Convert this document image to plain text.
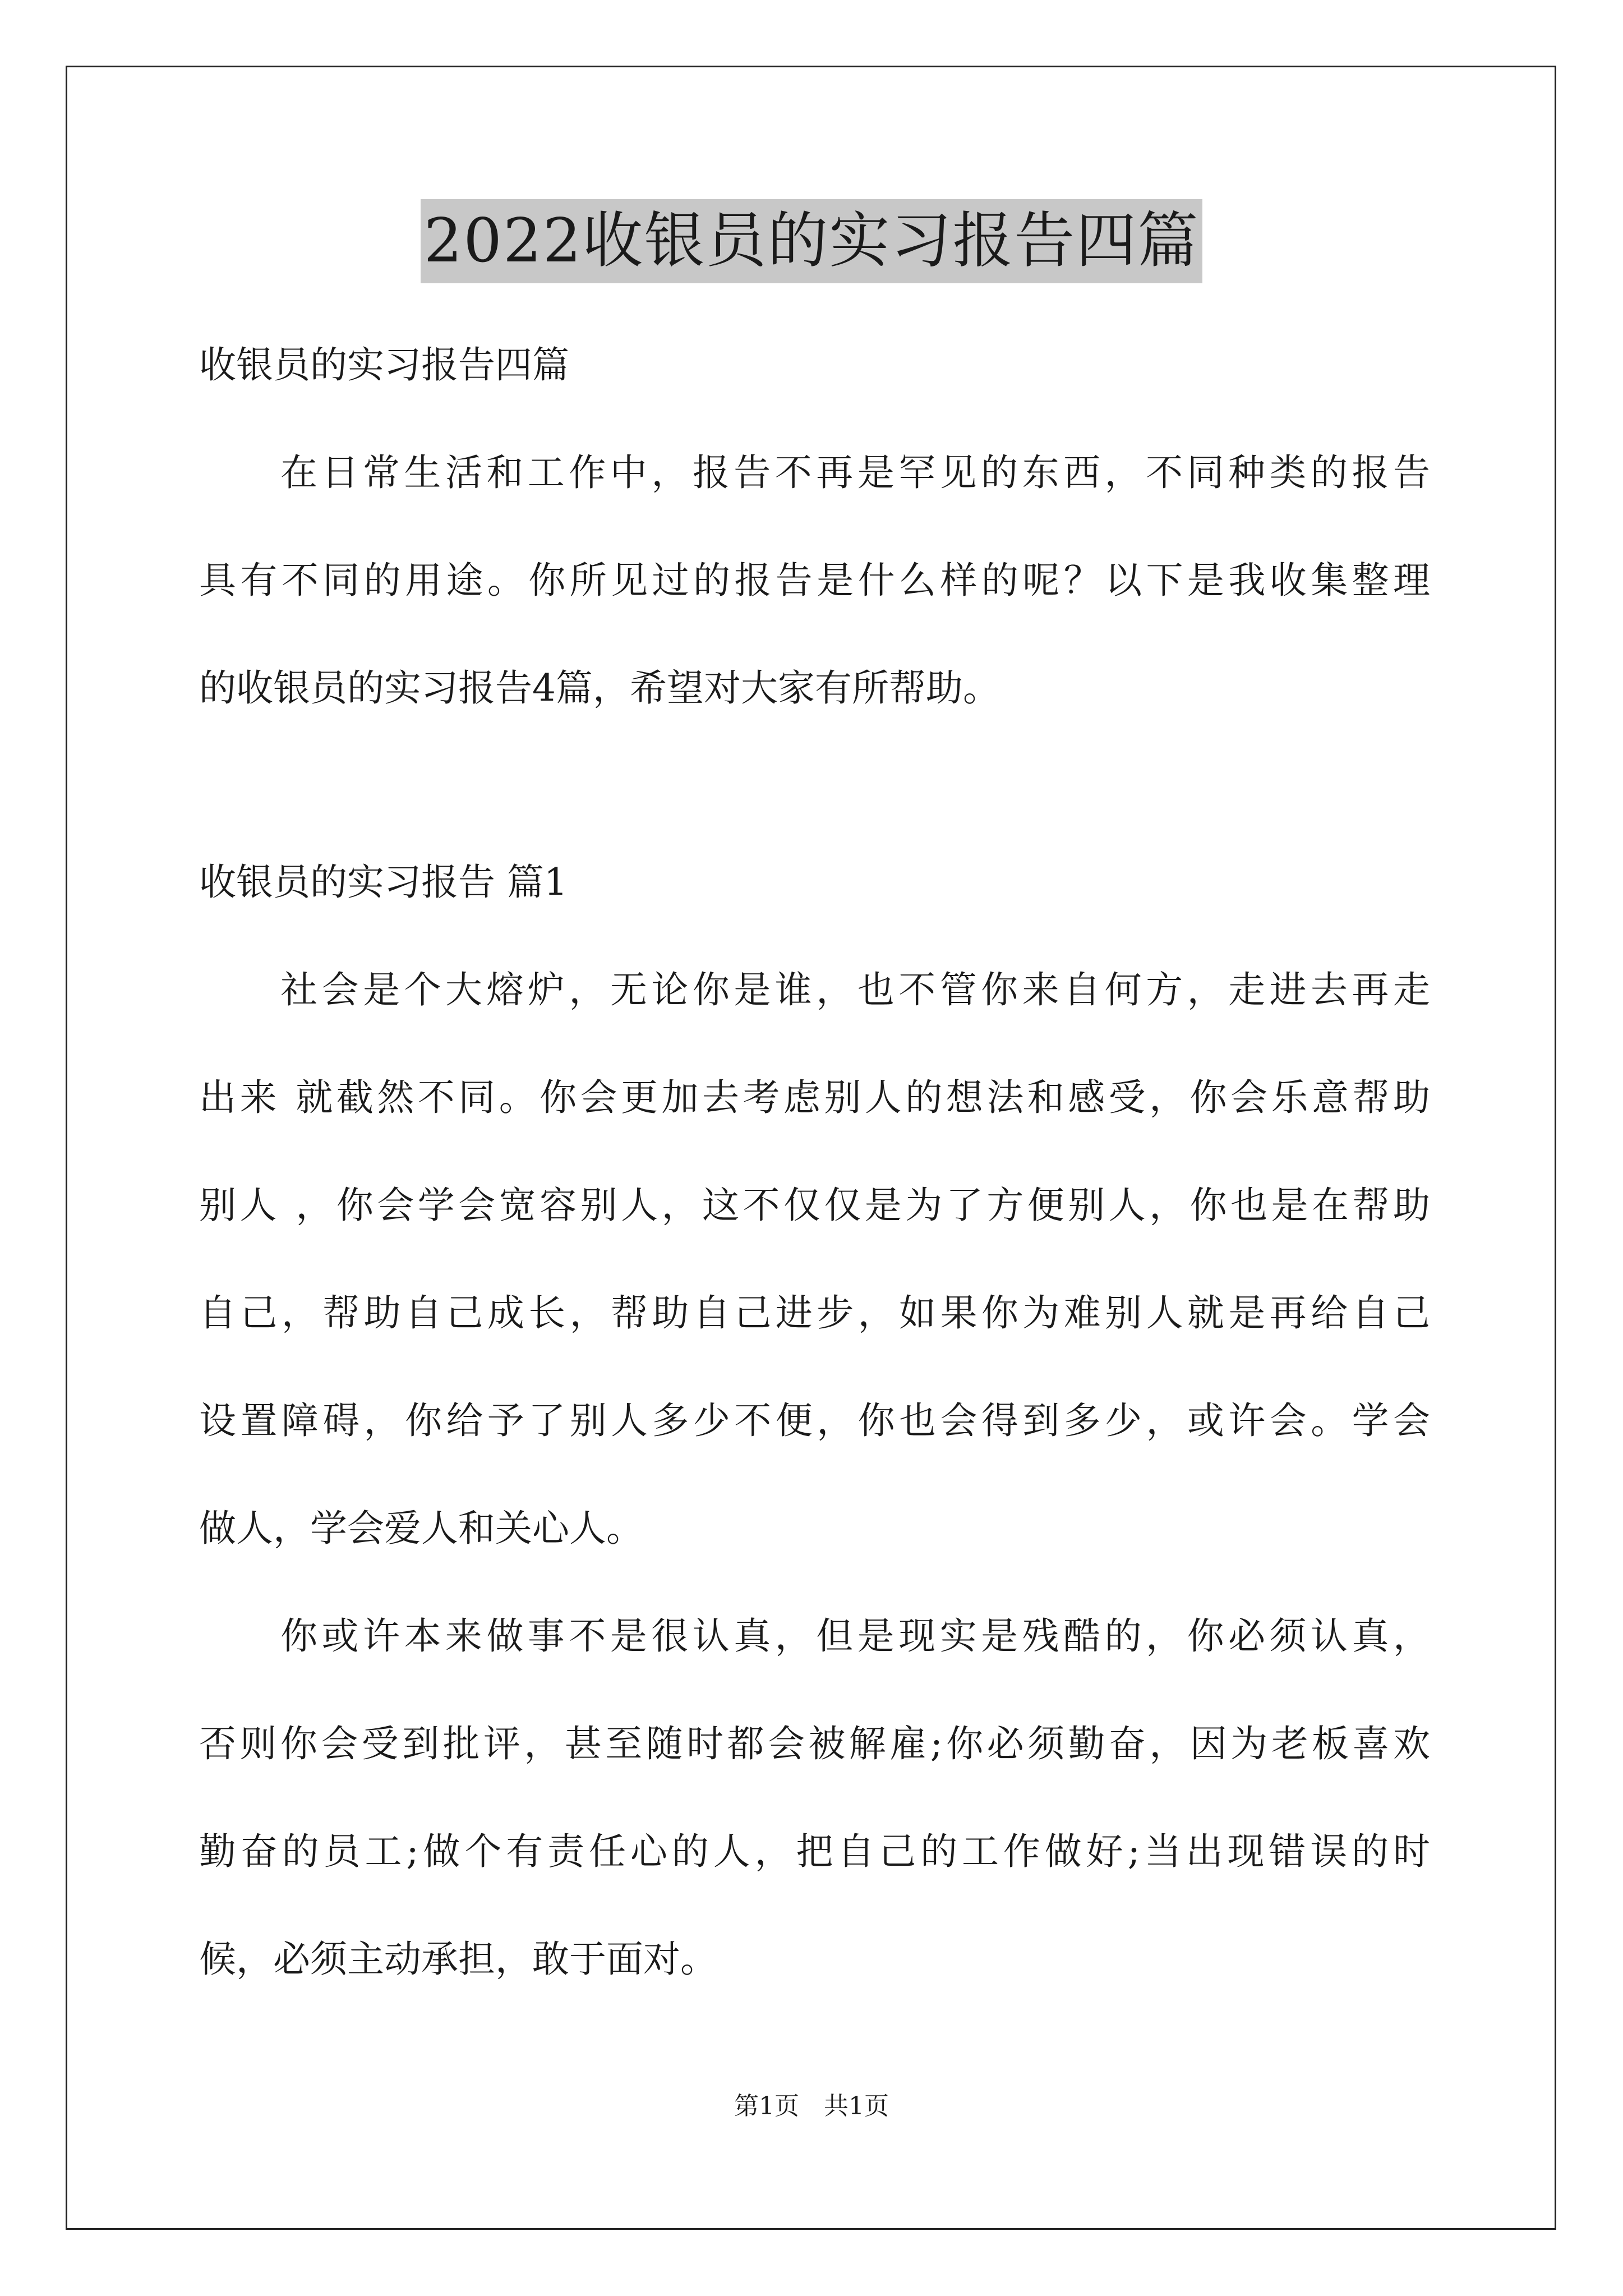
2022收银员的实习报告四篇
收银员的实习报告四篇
在日常生活和工作中，报告不再是罕见的东西，不同种类的报告
具有不同的用途。你所见过的报告是什么样的呢？以下是我收集整理
的收银员的实习报告4篇，希望对大家有所帮助。
收银员的实习报告 篇1
社会是个大熔炉，无论你是谁，也不管你来自何方，走进去再走
出来 就截然不同。你会更加去考虑别人的想法和感受，你会乐意帮助
别人 ，你会学会宽容别人，这不仅仅是为了方便别人，你也是在帮助
自己，帮助自己成长，帮助自己进步，如果你为难别人就是再给自己
设置障碍，你给予了别人多少不便，你也会得到多少，或许会。学会
做人，学会爱人和关心人。
你或许本来做事不是很认真，但是现实是残酷的，你必须认真，
否则你会受到批评，甚至随时都会被解雇;你必须勤奋，因为老板喜欢
勤奋的员工;做个有责任心的人，把自己的工作做好;当出现错误的时
候，必须主动承担，敢于面对。
第1页　共1页
